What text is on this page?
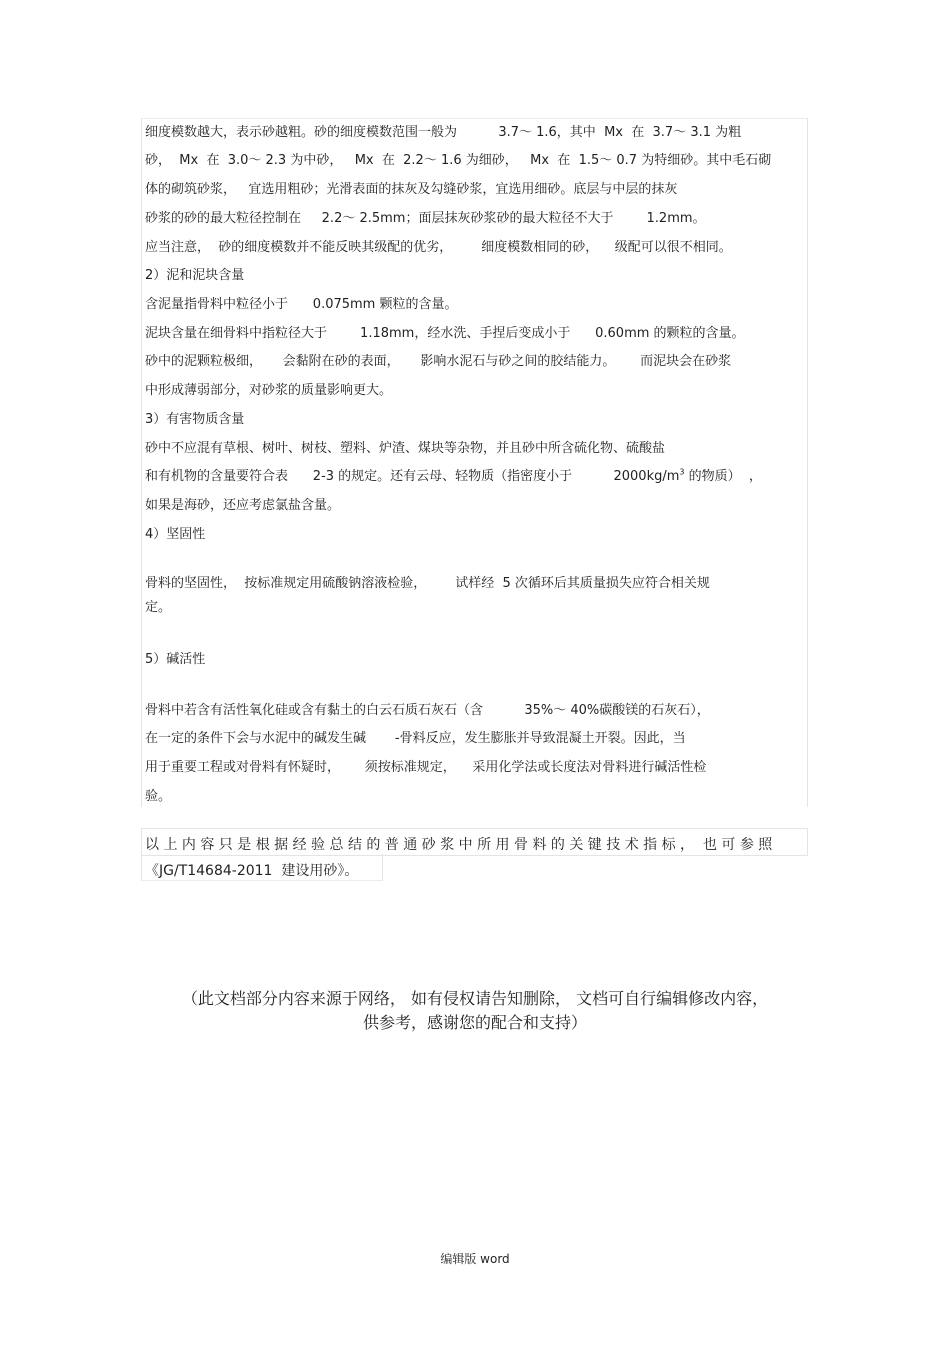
细度模数越大，表示砂越粗。砂的细度模数范围一般为          3.7～ 1.6，其中  Mx  在  3.7～ 3.1 为粗
砂，  Mx  在  3.0～ 2.3 为中砂，   Mx  在  2.2～ 1.6 为细砂，   Mx  在  1.5～ 0.7 为特细砂。其中毛石砌
体的砌筑砂浆，   宜选用粗砂；光滑表面的抹灰及勾缝砂浆，宜选用细砂。底层与中层的抹灰
砂浆的砂的最大粒径控制在     2.2～ 2.5mm；面层抹灰砂浆砂的最大粒径不大于        1.2mm。
应当注意，  砂的细度模数并不能反映其级配的优劣，       细度模数相同的砂，    级配可以很不相同。
2）泥和泥块含量
含泥量指骨料中粒径小于      0.075mm 颗粒的含量。
泥块含量在细骨料中指粒径大于        1.18mm，经水洗、手捏后变成小于      0.60mm 的颗粒的含量。
砂中的泥颗粒极细，     会黏附在砂的表面，     影响水泥石与砂之间的胶结能力。      而泥块会在砂浆
中形成薄弱部分，对砂浆的质量影响更大。
3）有害物质含量
砂中不应混有草根、树叶、树枝、塑料、炉渣、煤块等杂物，并且砂中所含硫化物、硫酸盐
和有机物的含量要符合表      2-3 的规定。还有云母、轻物质（指密度小于          $2000kg/m^3$ 的物质）  ，
如果是海砂，还应考虑氯盐含量。
4）坚固性
骨料的坚固性，  按标准规定用硫酸钠溶液检验，       试样经  5 次循环后其质量损失应符合相关规
定。
5）碱活性
骨料中若含有活性氧化硅或含有黏土的白云石质石灰石（含          35%～ 40%碳酸镁的石灰石），
在一定的条件下会与水泥中的碱发生碱       -骨料反应，发生膨胀并导致混凝土开裂。因此，当
用于重要工程或对骨料有怀疑时，      须按标准规定，    采用化学法或长度法对骨料进行碱活性检
验。
以 上 内 容 只 是 根 据 经 验 总 结 的 普 通 砂 浆 中 所 用 骨 料 的 关 键 技 术 指 标 ，  也 可 参 照
《JG/T14684-2011  建设用砂》。
（此文档部分内容来源于网络， 如有侵权请告知删除， 文档可自行编辑修改内容，
供参考，感谢您的配合和支持）
编辑版 word
